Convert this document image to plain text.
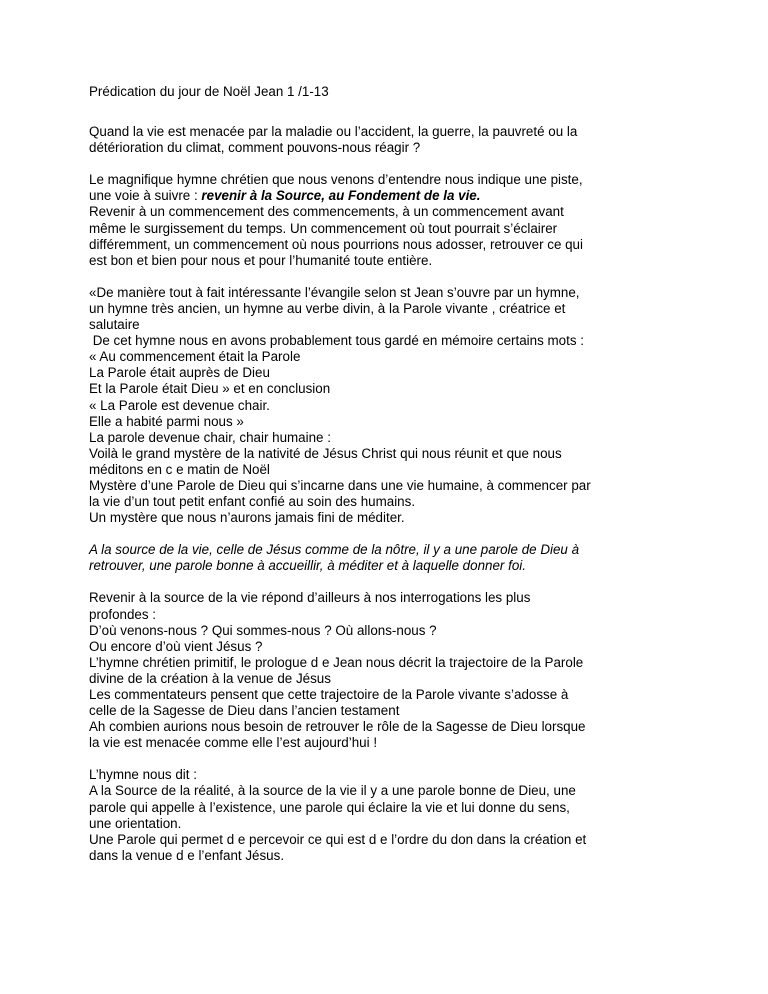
Prédication du jour de Noël Jean 1 /1-13
Quand la vie est menacée par la maladie ou l’accident, la guerre, la pauvreté ou la
détérioration du climat, comment pouvons-nous réagir ?
Le magnifique hymne chrétien que nous venons d’entendre nous indique une piste,
une voie à suivre : revenir à la Source, au Fondement de la vie.
Revenir à un commencement des commencements, à un commencement avant
même le surgissement du temps. Un commencement où tout pourrait s’éclairer
différemment, un commencement où nous pourrions nous adosser, retrouver ce qui
est bon et bien pour nous et pour l’humanité toute entière.
«De manière tout à fait intéressante l’évangile selon st Jean s’ouvre par un hymne,
un hymne très ancien, un hymne au verbe divin, à la Parole vivante , créatrice et
salutaire
De cet hymne nous en avons probablement tous gardé en mémoire certains mots :
« Au commencement était la Parole
La Parole était auprès de Dieu
Et la Parole était Dieu » et en conclusion
« La Parole est devenue chair.
Elle a habité parmi nous »
La parole devenue chair, chair humaine :
Voilà le grand mystère de la nativité de Jésus Christ qui nous réunit et que nous
méditons en c e matin de Noël
Mystère d’une Parole de Dieu qui s’incarne dans une vie humaine, à commencer par
la vie d’un tout petit enfant confié au soin des humains.
Un mystère que nous n’aurons jamais fini de méditer.
A la source de la vie, celle de Jésus comme de la nôtre, il y a une parole de Dieu à
retrouver, une parole bonne à accueillir, à méditer et à laquelle donner foi.
Revenir à la source de la vie répond d’ailleurs à nos interrogations les plus
profondes :
D’où venons-nous ? Qui sommes-nous ? Où allons-nous ?
Ou encore d’où vient Jésus ?
L’hymne chrétien primitif, le prologue d e Jean nous décrit la trajectoire de la Parole
divine de la création à la venue de Jésus
Les commentateurs pensent que cette trajectoire de la Parole vivante s’adosse à
celle de la Sagesse de Dieu dans l’ancien testament
Ah combien aurions nous besoin de retrouver le rôle de la Sagesse de Dieu lorsque
la vie est menacée comme elle l’est aujourd’hui !
L’hymne nous dit :
A la Source de la réalité, à la source de la vie il y a une parole bonne de Dieu, une
parole qui appelle à l’existence, une parole qui éclaire la vie et lui donne du sens,
une orientation.
Une Parole qui permet d e percevoir ce qui est d e l’ordre du don dans la création et
dans la venue d e l’enfant Jésus.
